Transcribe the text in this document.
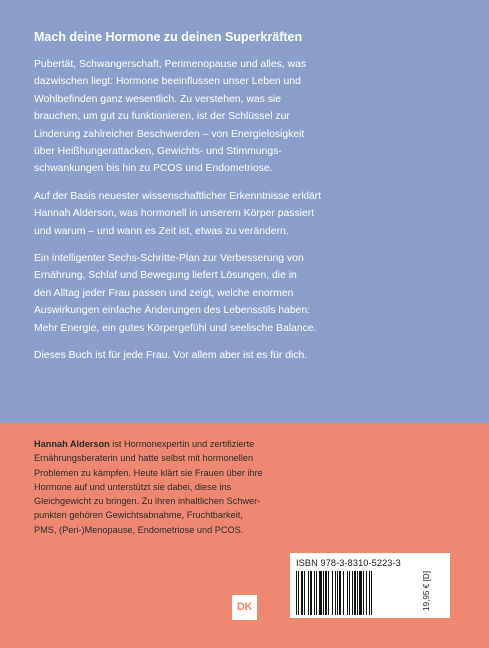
Mach deine Hormone zu deinen Superkräften

Pubertät, Schwangerschaft, Perimenopause und alles, was
dazwischen liegt: Hormone beeinflussen unser Leben und
Wohlbefinden ganz wesentlich. Zu verstehen, was sie
brauchen, um gut zu funktionieren, ist der Schlüssel zur
Linderung zahlreicher Beschwerden – von Energielosigkeit
über Heißhungerattacken, Gewichts- und Stimmungs-
schwankungen bis hin zu PCOS und Endometriose.

Auf der Basis neuester wissenschaftlicher Erkenntnisse erklärt
Hannah Alderson, was hormonell in unserem Körper passiert
und warum – und wann es Zeit ist, etwas zu verändern.

Ein intelligenter Sechs-Schritte-Plan zur Verbesserung von
Ernährung, Schlaf und Bewegung liefert Lösungen, die in
den Alltag jeder Frau passen und zeigt, welche enormen
Auswirkungen einfache Änderungen des Lebensstils haben:
Mehr Energie, ein gutes Körpergefühl und seelische Balance.

Dieses Buch ist für jede Frau. Vor allem aber ist es für dich.

Hannah Alderson ist Hormonexpertin und zertifizierte
Ernährungsberaterin und hatte selbst mit hormonellen
Problemen zu kämpfen. Heute klärt sie Frauen über ihre
Hormone auf und unterstützt sie dabei, diese ins
Gleichgewicht zu bringen. Zu ihren inhaltlichen Schwer-
punkten gehören Gewichtsabnahme, Fruchtbarkeit,
PMS, (Peri-)Menopause, Endometriose und PCOS.
ISBN 978-3-8310-5223-3
19,95 € [D]
DK
